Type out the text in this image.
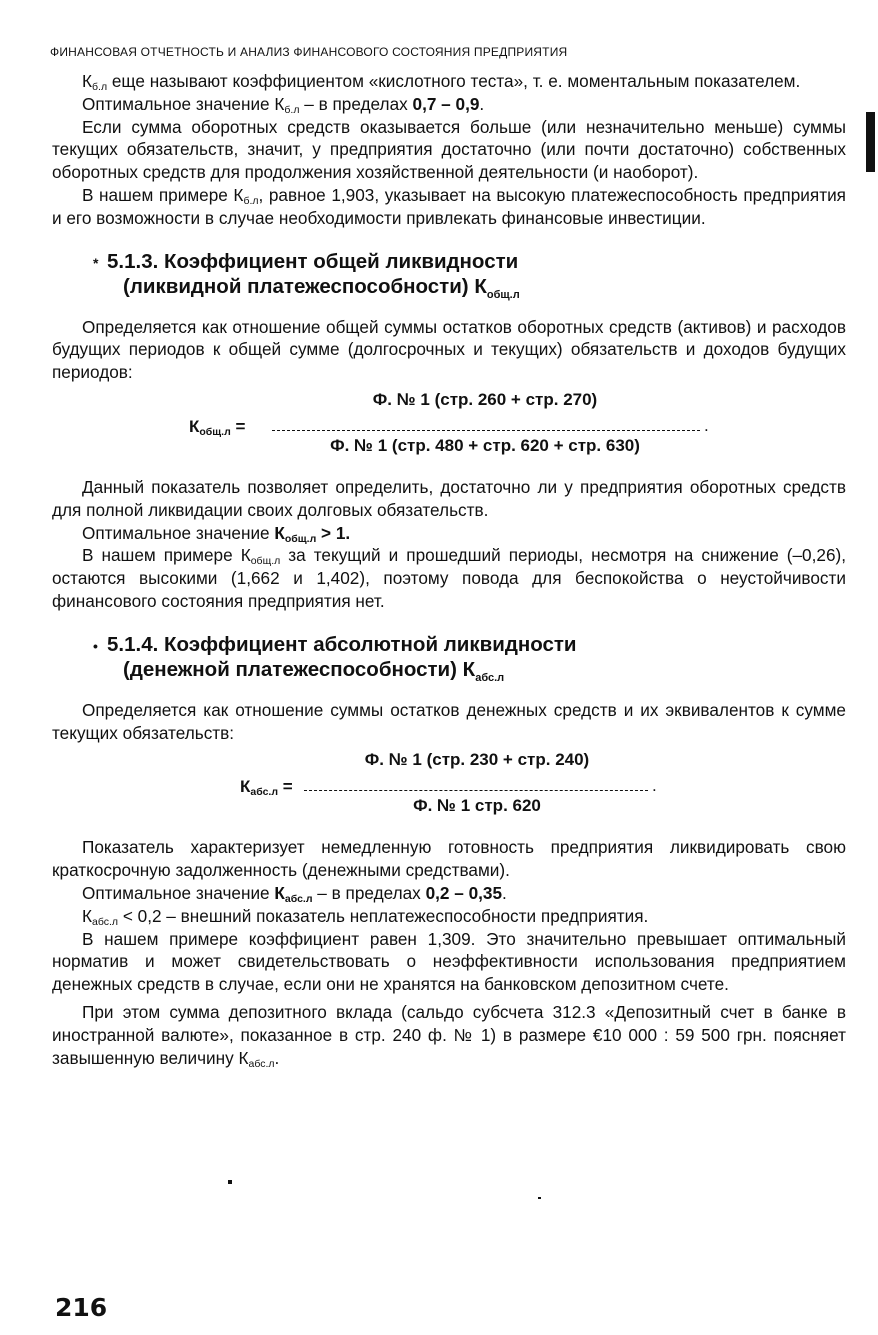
ФИНАНСОВАЯ ОТЧЕТНОСТЬ И АНАЛИЗ ФИНАНСОВОГО СОСТОЯНИЯ ПРЕДПРИЯТИЯ

$К_{б.л}$ еще называют коэффициентом «кислотного теста», т. е. моментальным показателем.

Оптимальное значение $К_{б.л}$ – в пределах 0,7 – 0,9.

Если сумма оборотных средств оказывается больше (или незначительно меньше) суммы текущих обязательств, значит, у предприятия достаточно (или почти достаточно) собственных оборотных средств для продолжения хозяйственной деятельности (и наоборот).

В нашем примере $К_{б.л}$, равное 1,903, указывает на высокую платежеспособность предприятия и его возможности в случае необходимости привлекать финансовые инвестиции.

* 5.1.3. Коэффициент общей ликвидности
(ликвидной платежеспособности) $К_{общ.л}$

Определяется как отношение общей суммы остатков оборотных средств (активов) и расходов будущих периодов к общей сумме (долгосрочных и текущих) обязательств и доходов будущих периодов:

$К_{общ.л}$ =
Ф. № 1 (стр. 260 + стр. 270)
.
Ф. № 1 (стр. 480 + стр. 620 + стр. 630)

Данный показатель позволяет определить, достаточно ли у предприятия оборотных средств для полной ликвидации своих долговых обязательств.

Оптимальное значение $К_{общ.л} > 1$.

В нашем примере $К_{общ.л}$ за текущий и прошедший периоды, несмотря на снижение (–0,26), остаются высокими (1,662 и 1,402), поэтому повода для беспокойства о неустойчивости финансового состояния предприятия нет.

• 5.1.4. Коэффициент абсолютной ликвидности
(денежной платежеспособности) $К_{абс.л}$

Определяется как отношение суммы остатков денежных средств и их эквивалентов к сумме текущих обязательств:

$К_{абс.л}$ =
Ф. № 1 (стр. 230 + стр. 240)
.
Ф. № 1 стр. 620

Показатель характеризует немедленную готовность предприятия ликвидировать свою краткосрочную задолженность (денежными средствами).

Оптимальное значение $К_{абс.л}$ – в пределах 0,2 – 0,35.

$К_{абс.л} < 0,2$ – внешний показатель неплатежеспособности предприятия.

В нашем примере коэффициент равен 1,309. Это значительно превышает оптимальный норматив и может свидетельствовать о неэффективности использования предприятием денежных средств в случае, если они не хранятся на банковском депозитном счете.

При этом сумма депозитного вклада (сальдо субсчета 312.3 «Депозитный счет в банке в иностранной валюте», показанное в стр. 240 ф. № 1) в размере €10 000 : 59 500 грн. поясняет завышенную величину $К_{абс.л}$.

216
